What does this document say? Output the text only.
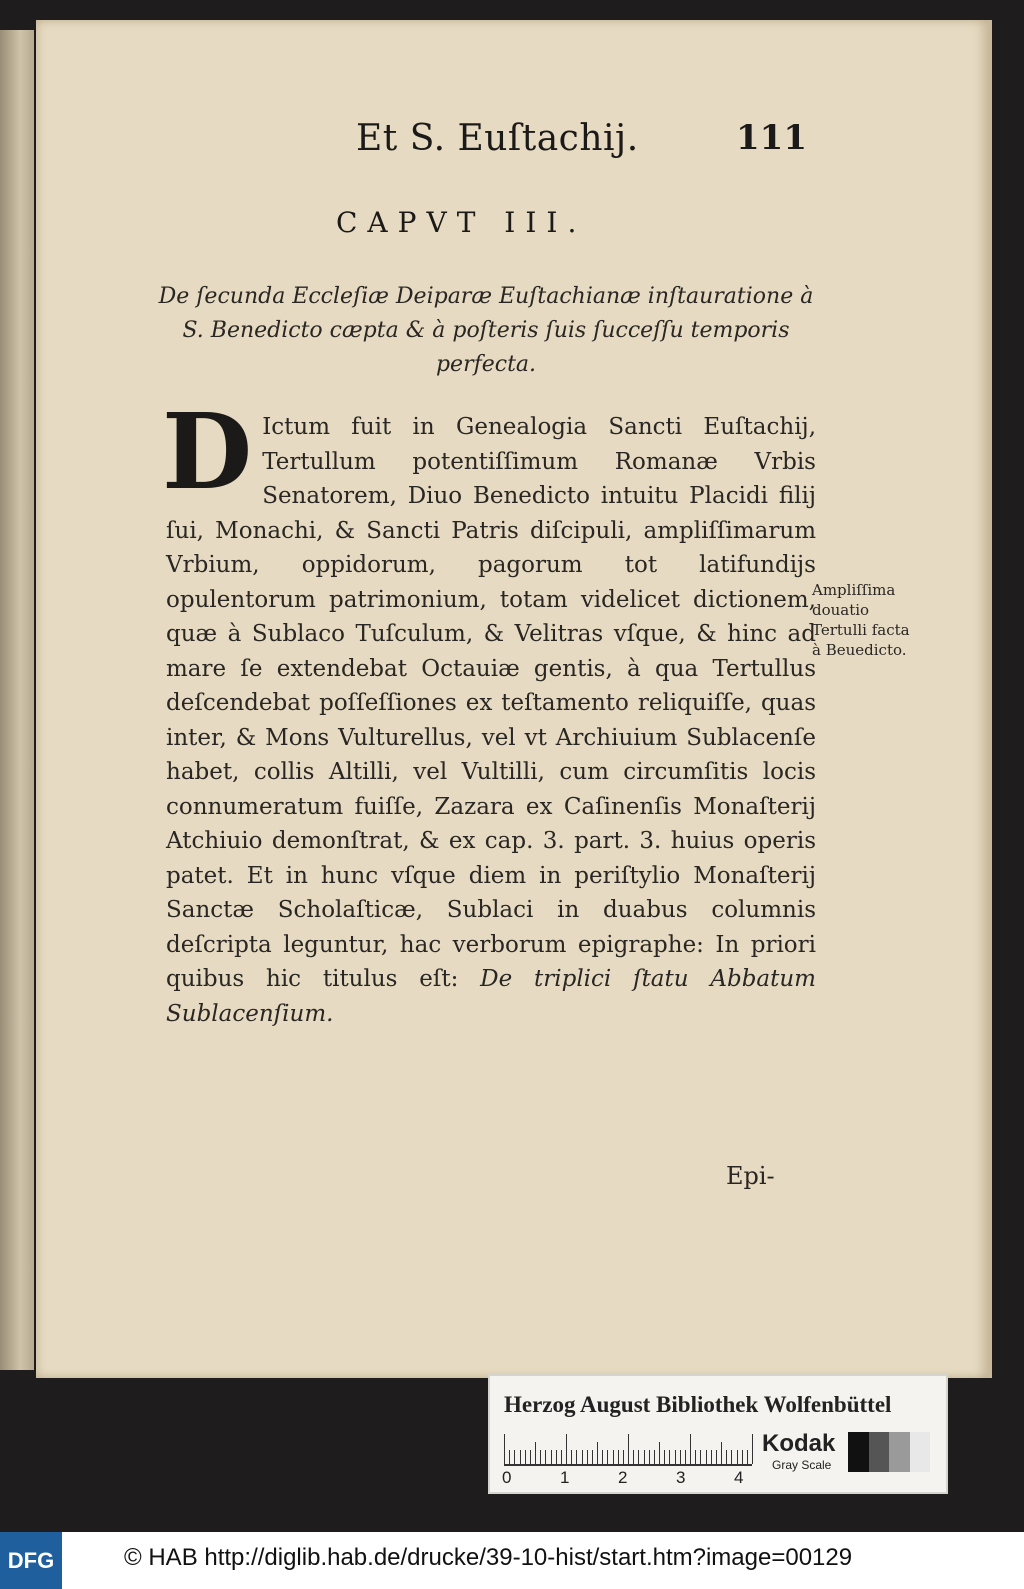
Et S. Euſtachij.	111
CAPVT III.
De ſecunda Eccleſiæ Deiparæ Euſtachianæ inſtauratione à S. Benedicto cæpta & à poſteris ſuis ſucceſſu temporis perfecta.
D Ictum fuit in Genealogia Sancti Euſtachij, Tertullum potentiſſimum Romanæ Vrbis Senatorem, Diuo Benedicto intuitu Placidi filij ſui, Monachi, & Sancti Patris diſcipuli, ampliſſimarum Vrbium, oppidorum, pagorum tot latifundijs opulentorum patrimonium, totam videlicet dictionem, quæ à Sublaco Tuſculum, & Velitras vſque, & hinc ad mare ſe extendebat Octauiæ gentis, à qua Tertullus deſcendebat poſſeſſiones ex teſtamento reliquiſſe, quas inter, & Mons Vulturellus, vel vt Archiuium Sublacenſe habet, collis Altilli, vel Vultilli, cum circumſitis locis connumeratum fuiſſe, Zazara ex Caſinenſis Monaſterij Atchiuio demonſtrat, & ex cap. 3. part. 3. huius operis patet. Et in hunc vſque diem in periſtylio Monaſterij Sanctæ Scholaſticæ, Sublaci in duabus columnis deſcripta leguntur, hac verborum epigraphe: In priori quibus hic titulus eſt: De triplici ſtatu Abbatum Sublacenſium.
Ampliſſima douatio Tertulli facta à Beuedicto.
Epi-
Herzog August Bibliothek Wolfenbüttel
0	1	2	3	4
Kodak
Gray Scale
DFG	© HAB http://diglib.hab.de/drucke/39-10-hist/start.htm?image=00129
